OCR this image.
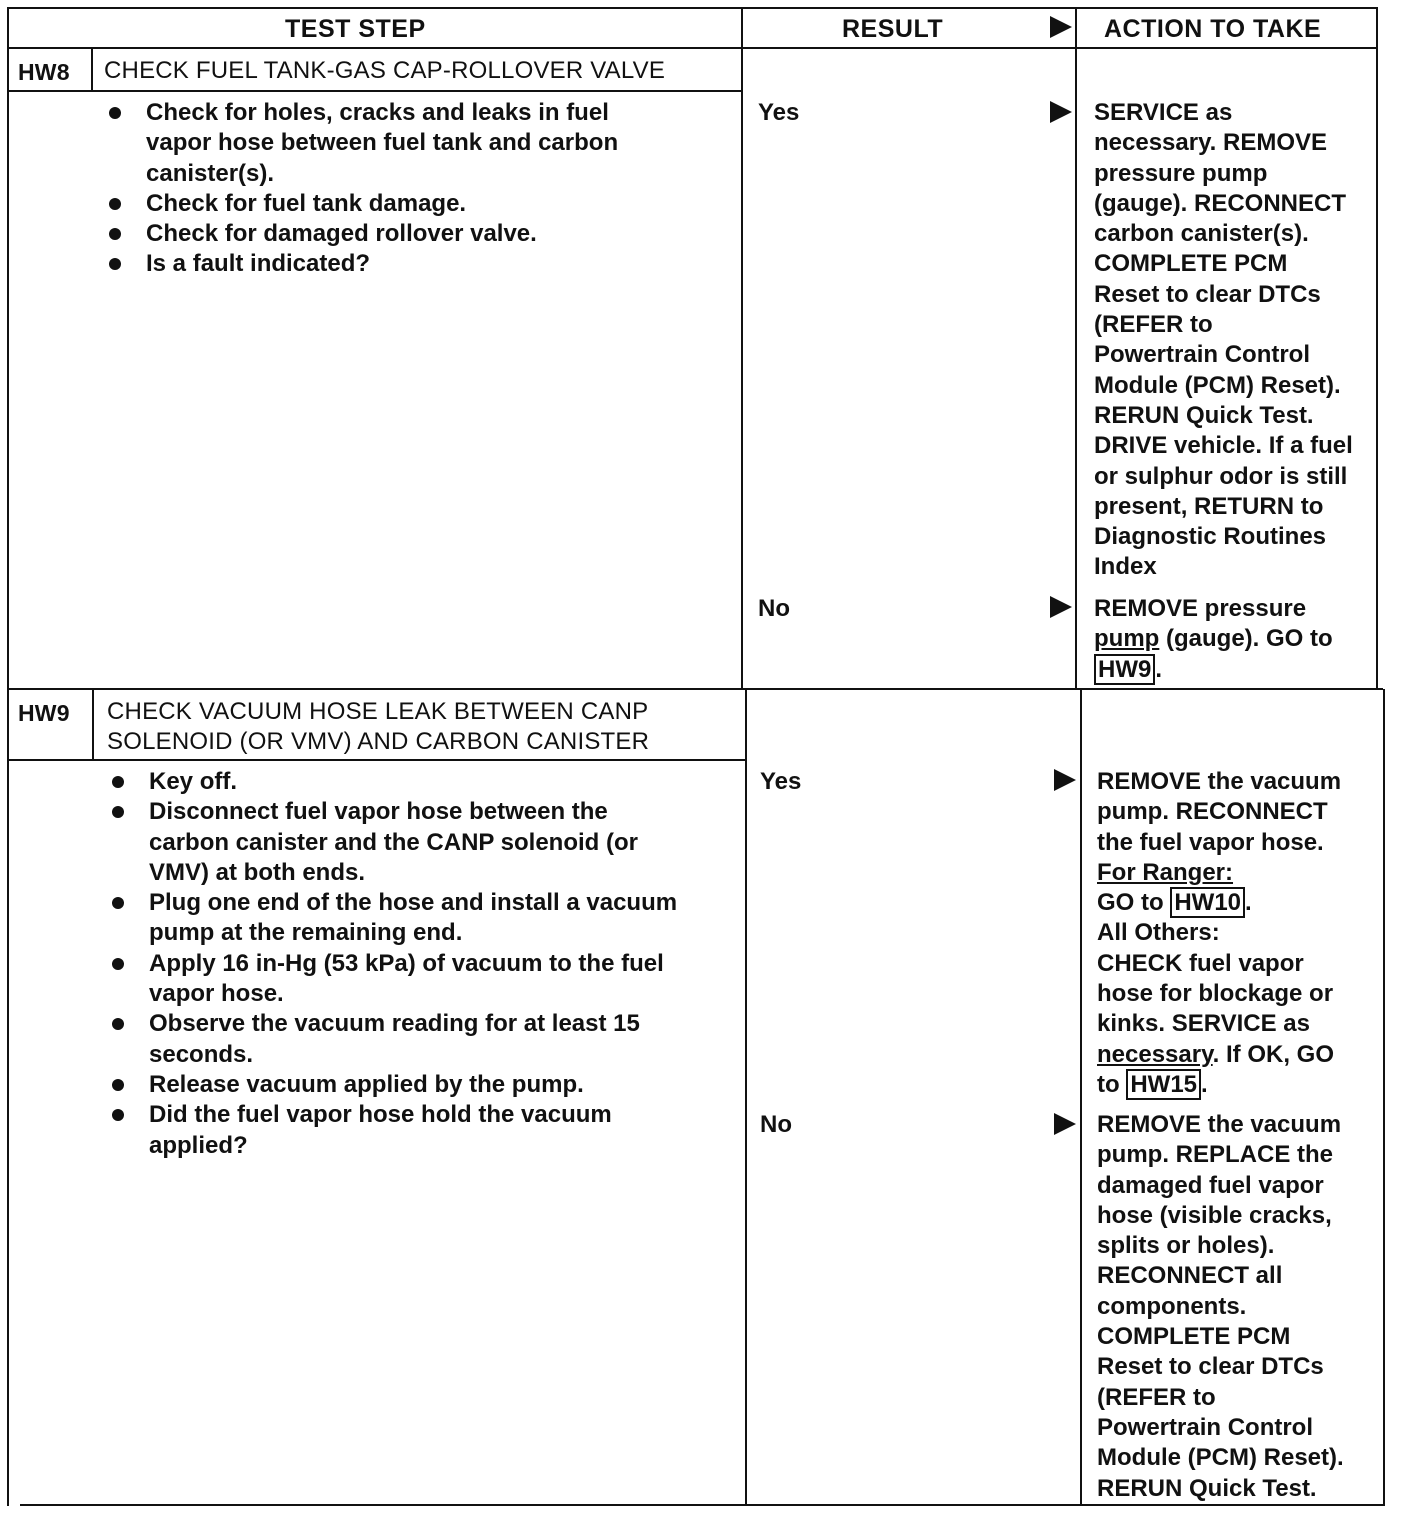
TEST STEP	RESULT	ACTION TO TAKE
HW8 CHECK FUEL TANK-GAS CAP-ROLLOVER VALVE
Check for holes, cracks and leaks in fuel
vapor hose between fuel tank and carbon
canister(s).
Check for fuel tank damage.
Check for damaged rollover valve.
Is a fault indicated?
Yes	SERVICE as
necessary. REMOVE
pressure pump
(gauge). RECONNECT
carbon canister(s).
COMPLETE PCM
Reset to clear DTCs
(REFER to
Powertrain Control
Module (PCM) Reset).
RERUN Quick Test.
DRIVE vehicle. If a fuel
or sulphur odor is still
present, RETURN to
Diagnostic Routines
Index
No	REMOVE pressure
pump (gauge). GO to
HW9 .
HW9 CHECK VACUUM HOSE LEAK BETWEEN CANP
SOLENOID (OR VMV) AND CARBON CANISTER
Key off.
Disconnect fuel vapor hose between the
carbon canister and the CANP solenoid (or
VMV) at both ends.
Plug one end of the hose and install a vacuum
pump at the remaining end.
Apply 16 in-Hg (53 kPa) of vacuum to the fuel
vapor hose.
Observe the vacuum reading for at least 15
seconds.
Release vacuum applied by the pump.
Did the fuel vapor hose hold the vacuum
applied?
Yes	REMOVE the vacuum
pump. RECONNECT
the fuel vapor hose.
For Ranger:
GO to HW10 .
All Others:
CHECK fuel vapor
hose for blockage or
kinks. SERVICE as
necessary. If OK, GO
to HW15 .
No	REMOVE the vacuum
pump. REPLACE the
damaged fuel vapor
hose (visible cracks,
splits or holes).
RECONNECT all
components.
COMPLETE PCM
Reset to clear DTCs
(REFER to
Powertrain Control
Module (PCM) Reset).
RERUN Quick Test.
